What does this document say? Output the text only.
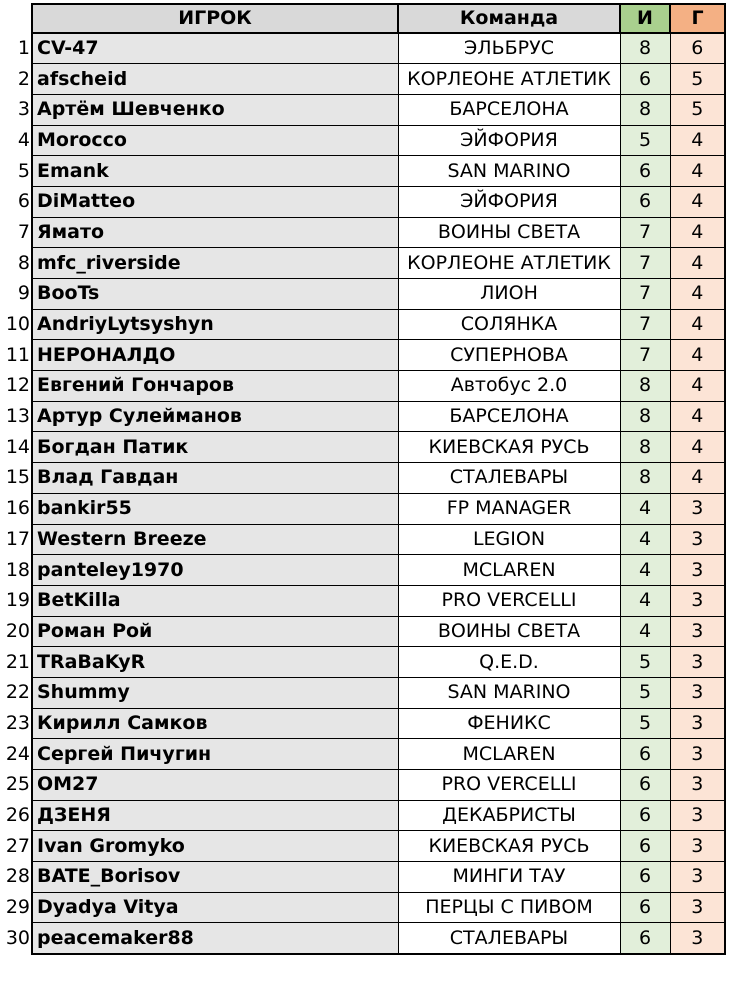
	ИГРОК	Команда	И	Г
1	CV-47	ЭЛЬБРУС	8	6
2	afscheid	КОРЛЕОНЕ АТЛЕТИК	6	5
3	Артём Шевченко	БАРСЕЛОНА	8	5
4	Morocco	ЭЙФОРИЯ	5	4
5	Emank	SAN MARINO	6	4
6	DiMatteo	ЭЙФОРИЯ	6	4
7	Ямато	ВОИНЫ СВЕТА	7	4
8	mfc_riverside	КОРЛЕОНЕ АТЛЕТИК	7	4
9	BooTs	ЛИОН	7	4
10	AndriyLytsyshyn	СОЛЯНКА	7	4
11	НЕРОНАЛДО	СУПЕРНОВА	7	4
12	Евгений Гончаров	Автобус 2.0	8	4
13	Артур Сулейманов	БАРСЕЛОНА	8	4
14	Богдан Патик	КИЕВСКАЯ РУСЬ	8	4
15	Влад Гавдан	СТАЛЕВАРЫ	8	4
16	bankir55	FP MANAGER	4	3
17	Western Breeze	LEGION	4	3
18	panteley1970	MCLAREN	4	3
19	BetKilla	PRO VERCELLI	4	3
20	Роман Рой	ВОИНЫ СВЕТА	4	3
21	TRaBaKyR	Q.E.D.	5	3
22	Shummy	SAN MARINO	5	3
23	Кирилл Самков	ФЕНИКС	5	3
24	Сергей Пичугин	MCLAREN	6	3
25	OM27	PRO VERCELLI	6	3
26	ДЗЕНЯ	ДЕКАБРИСТЫ	6	3
27	Ivan Gromyko	КИЕВСКАЯ РУСЬ	6	3
28	BATE_Borisov	МИНГИ ТАУ	6	3
29	Dyadya Vitya	ПЕРЦЫ С ПИВОМ	6	3
30	peacemaker88	СТАЛЕВАРЫ	6	3
